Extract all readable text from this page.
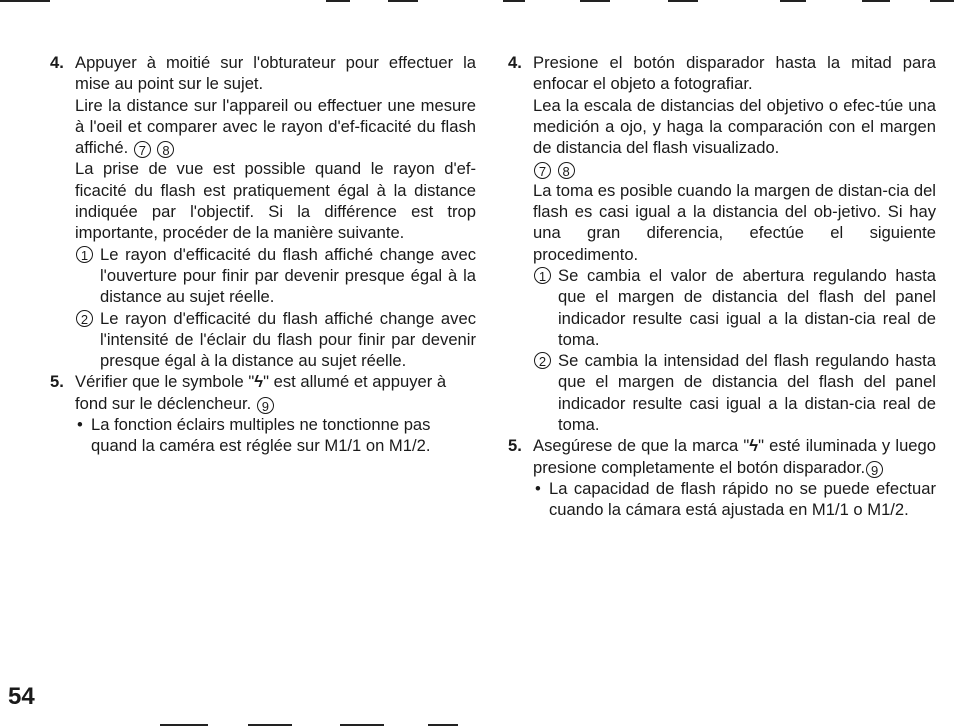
4. Appuyer à moitié sur l'obturateur pour effectuer la mise au point sur le sujet.

Lire la distance sur l'appareil ou effectuer une mesure à l'oeil et comparer avec le rayon d'ef-ficacité du flash affiché. 7 8

La prise de vue est possible quand le rayon d'ef-ficacité du flash est pratiquement égal à la distance indiquée par l'objectif. Si la différence est trop importante, procéder de la manière suivante.

1 Le rayon d'efficacité du flash affiché change avec l'ouverture pour finir par devenir presque égal à la distance au sujet réelle.

2 Le rayon d'efficacité du flash affiché change avec l'intensité de l'éclair du flash pour finir par devenir presque égal à la distance au sujet réelle.

5. Vérifier que le symbole "ϟ" est allumé et appuyer à fond sur le déclencheur. 9

• La fonction éclairs multiples ne tonctionne pas quand la caméra est réglée sur M1/1 on M1/2.

4. Presione el botón disparador hasta la mitad para enfocar el objeto a fotografiar.

Lea la escala de distancias del objetivo o efec-túe una medición a ojo, y haga la comparación con el margen de distancia del flash visualizado.
7 8

La toma es posible cuando la margen de distan-cia del flash es casi igual a la distancia del ob-jetivo. Si hay una gran diferencia, efectúe el siguiente procedimento.

1 Se cambia el valor de abertura regulando hasta que el margen de distancia del flash del panel indicador resulte casi igual a la distan-cia real de toma.

2 Se cambia la intensidad del flash regulando hasta que el margen de distancia del flash del panel indicador resulte casi igual a la distan-cia real de toma.

5. Asegúrese de que la marca "ϟ" esté iluminada y luego presione completamente el botón disparador. 9

• La capacidad de flash rápido no se puede efectuar cuando la cámara está ajustada en M1/1 o M1/2.

54
